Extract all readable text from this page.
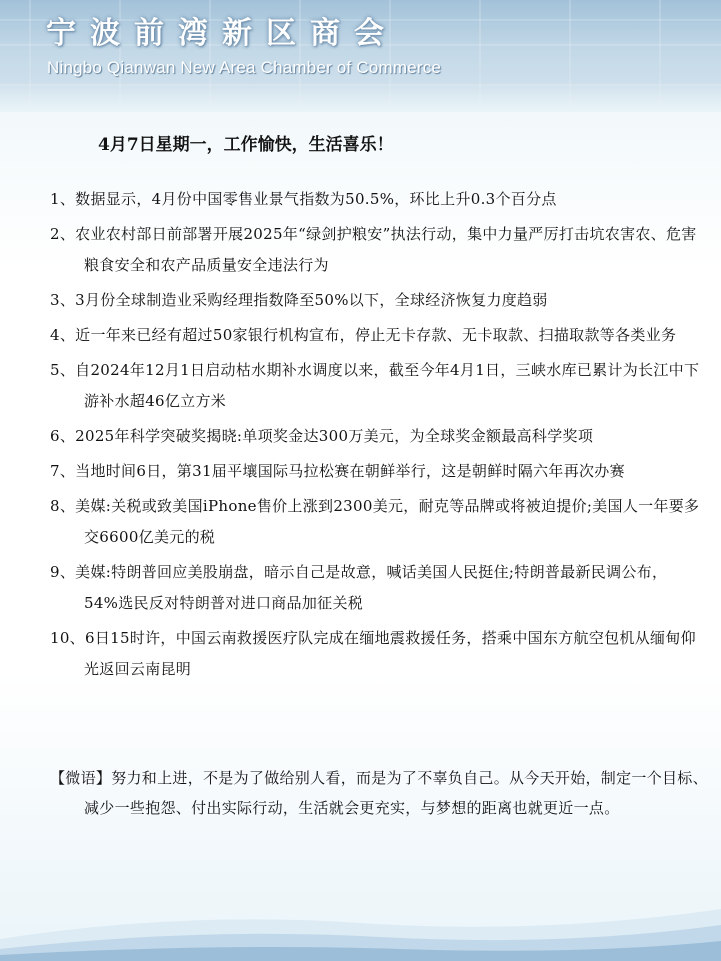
宁波前湾新区商会
Ningbo Qianwan New Area Chamber of Commerce
4月7日星期一，工作愉快，生活喜乐！
1、数据显示，4月份中国零售业景气指数为50.5%，环比上升0.3个百分点
2、农业农村部日前部署开展2025年“绿剑护粮安”执法行动，集中力量严厉打击坑农害农、危害粮食安全和农产品质量安全违法行为
3、3月份全球制造业采购经理指数降至50%以下，全球经济恢复力度趋弱
4、近一年来已经有超过50家银行机构宣布，停止无卡存款、无卡取款、扫描取款等各类业务
5、自2024年12月1日启动枯水期补水调度以来，截至今年4月1日，三峡水库已累计为长江中下游补水超46亿立方米
6、2025年科学突破奖揭晓:单项奖金达300万美元，为全球奖金额最高科学奖项
7、当地时间6日，第31届平壤国际马拉松赛在朝鲜举行，这是朝鲜时隔六年再次办赛
8、美媒:关税或致美国iPhone售价上涨到2300美元，耐克等品牌或将被迫提价;美国人一年要多交6600亿美元的税
9、美媒:特朗普回应美股崩盘，暗示自己是故意，喊话美国人民挺住;特朗普最新民调公布，54%选民反对特朗普对进口商品加征关税
10、6日15时许，中国云南救援医疗队完成在缅地震救援任务，搭乘中国东方航空包机从缅甸仰光返回云南昆明
【微语】努力和上进，不是为了做给别人看，而是为了不辜负自己。从今天开始，制定一个目标、减少一些抱怨、付出实际行动，生活就会更充实，与梦想的距离也就更近一点。
